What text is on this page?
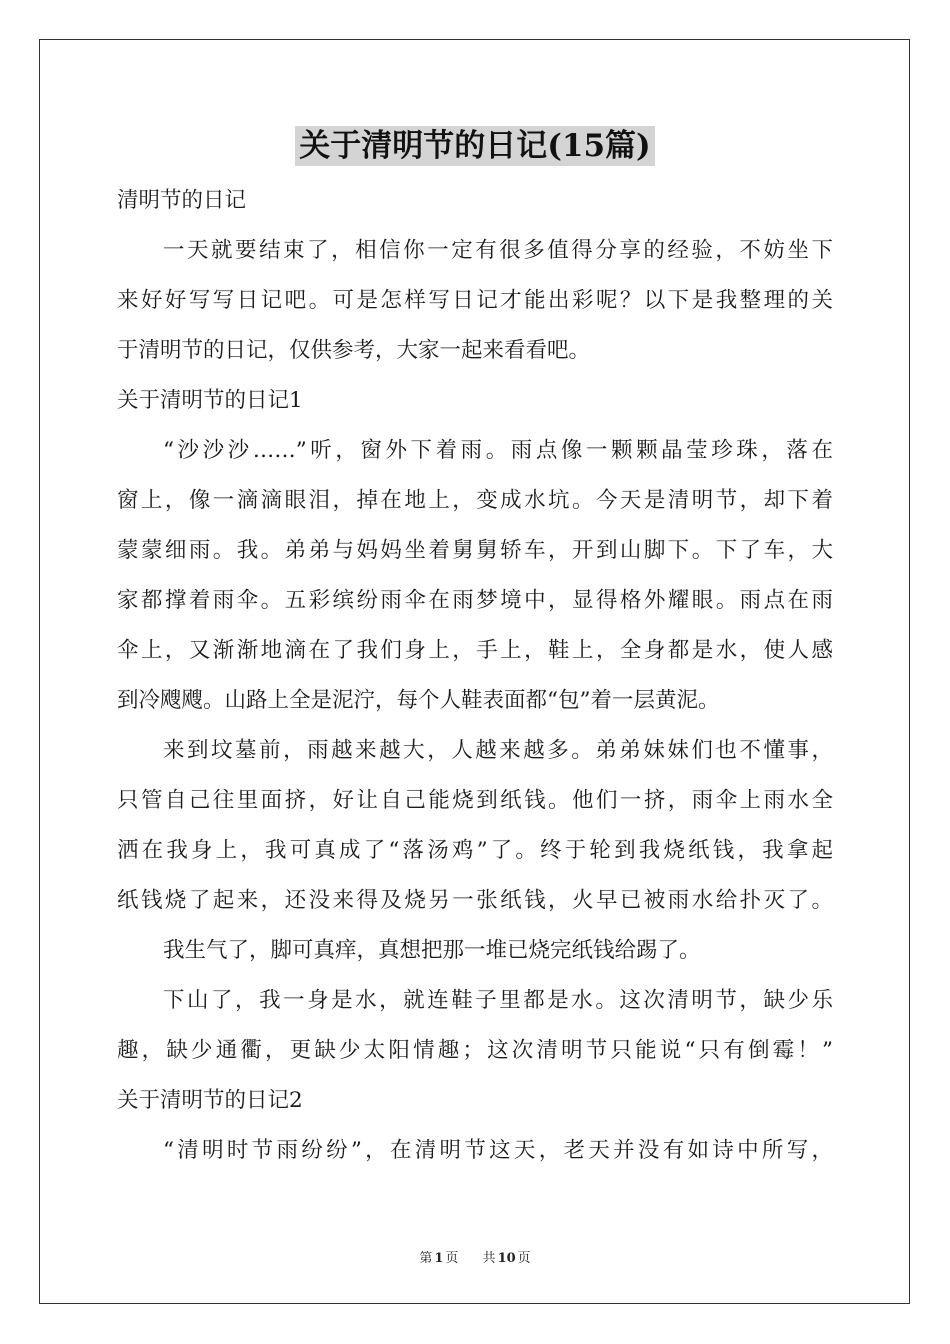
关于清明节的日记(15篇)
清明节的日记
一天就要结束了，相信你一定有很多值得分享的经验，不妨坐下
来好好写写日记吧。可是怎样写日记才能出彩呢？以下是我整理的关
于清明节的日记，仅供参考，大家一起来看看吧。
关于清明节的日记1
“沙沙沙……”听，窗外下着雨。雨点像一颗颗晶莹珍珠，落在
窗上，像一滴滴眼泪，掉在地上，变成水坑。今天是清明节，却下着
蒙蒙细雨。我。弟弟与妈妈坐着舅舅轿车，开到山脚下。下了车，大
家都撑着雨伞。五彩缤纷雨伞在雨梦境中，显得格外耀眼。雨点在雨
伞上，又渐渐地滴在了我们身上，手上，鞋上，全身都是水，使人感
到冷飕飕。山路上全是泥泞，每个人鞋表面都“包”着一层黄泥。
来到坟墓前，雨越来越大，人越来越多。弟弟妹妹们也不懂事，
只管自己往里面挤，好让自己能烧到纸钱。他们一挤，雨伞上雨水全
洒在我身上，我可真成了“落汤鸡”了。终于轮到我烧纸钱，我拿起
纸钱烧了起来，还没来得及烧另一张纸钱，火早已被雨水给扑灭了。
我生气了，脚可真痒，真想把那一堆已烧完纸钱给踢了。
下山了，我一身是水，就连鞋子里都是水。这次清明节，缺少乐
趣，缺少通衢，更缺少太阳情趣；这次清明节只能说“只有倒霉！”
关于清明节的日记2
“清明时节雨纷纷”，在清明节这天，老天并没有如诗中所写，
第 1 页 共 10 页
